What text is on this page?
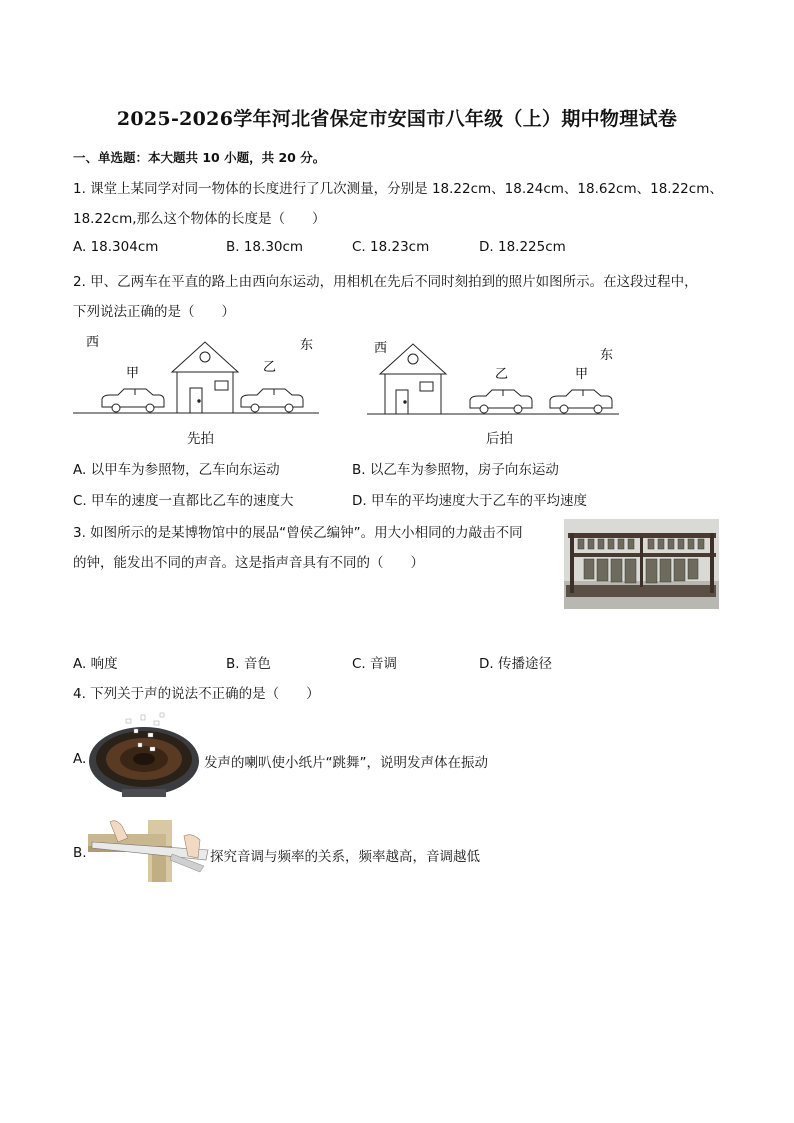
2025-2026学年河北省保定市安国市八年级（上）期中物理试卷
一、单选题：本大题共 10 小题，共 20 分。
1. 课堂上某同学对同一物体的长度进行了几次测量，分别是 18.22cm、18.24cm、18.62cm、18.22cm、
18.22cm,那么这个物体的长度是（　　）
A. 18.304cm	B. 18.30cm	C. 18.23cm	D. 18.225cm
2. 甲、乙两车在平直的路上由西向东运动，用相机在先后不同时刻拍到的照片如图所示。在这段过程中，
下列说法正确的是（　　）
西	东
甲	乙
先拍
西	东
乙	甲
后拍
A. 以甲车为参照物，乙车向东运动	B. 以乙车为参照物，房子向东运动
C. 甲车的速度一直都比乙车的速度大	D. 甲车的平均速度大于乙车的平均速度
3. 如图所示的是某博物馆中的展品“曾侯乙编钟”。用大小相同的力敲击不同
的钟，能发出不同的声音。这是指声音具有不同的（　　）
A. 响度	B. 音色	C. 音调	D. 传播途径
4. 下列关于声的说法不正确的是（　　）
A.	发声的喇叭使小纸片“跳舞”，说明发声体在振动
B.	探究音调与频率的关系，频率越高，音调越低
